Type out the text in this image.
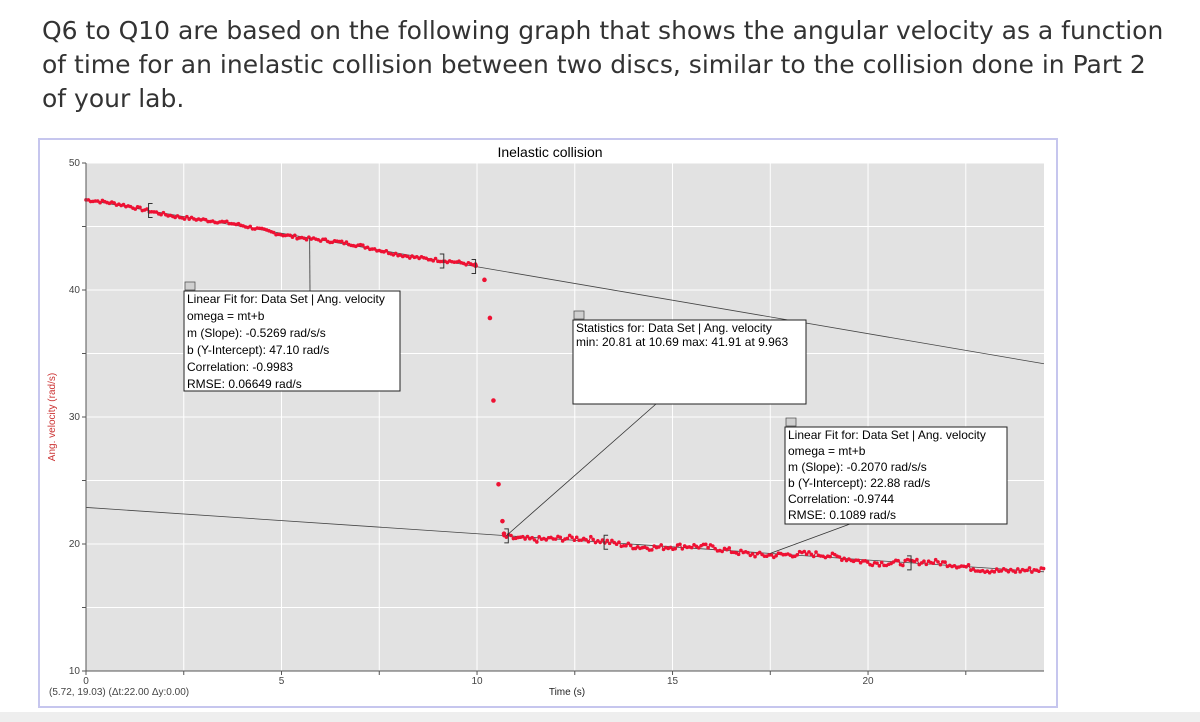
Q6 to Q10 are based on the following graph that shows the angular velocity as a function of time for an inelastic collision between two discs, similar to the collision done in Part 2 of your lab.

Inelastic collision
Linear Fit for: Data Set | Ang. velocity
omega = mt+b
m (Slope): -0.5269 rad/s/s
b (Y-Intercept): 47.10 rad/s
Correlation: -0.9983
RMSE: 0.06649 rad/s
Statistics for: Data Set | Ang. velocity
min: 20.81 at 10.69 max: 41.91 at 9.963
Linear Fit for: Data Set | Ang. velocity
omega = mt+b
m (Slope): -0.2070 rad/s/s
b (Y-Intercept): 22.88 rad/s
Correlation: -0.9744
RMSE: 0.1089 rad/s
0	5	10	15	20
10
20
30
40
50
Ang. velocity (rad/s)
Time (s)
(5.72, 19.03) (Δt:22.00 Δy:0.00)
